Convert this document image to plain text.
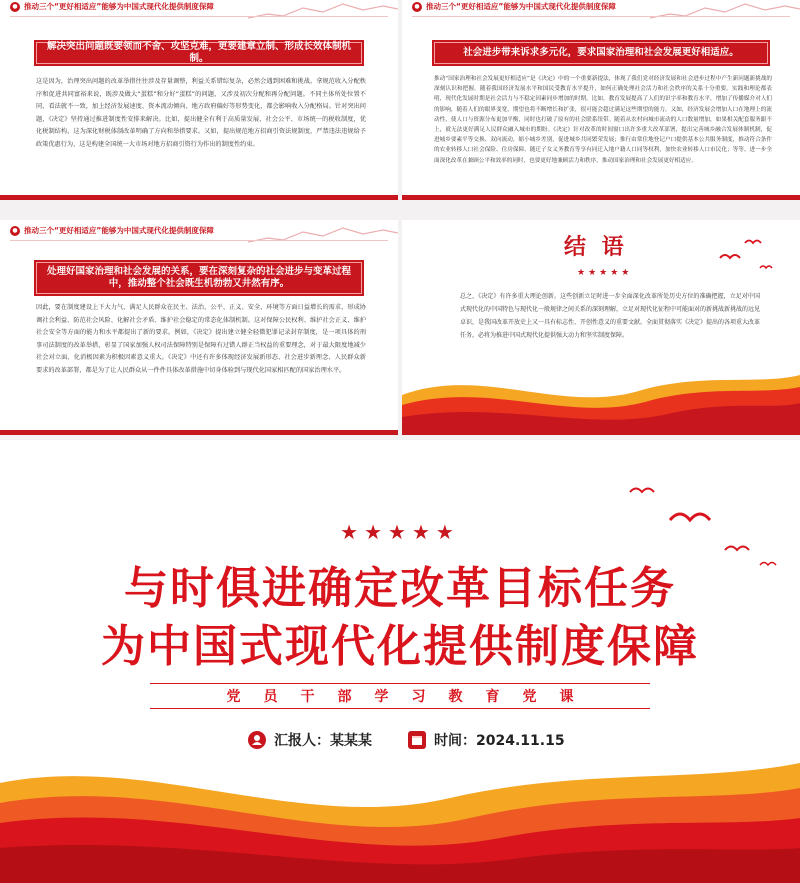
● 推动三个“更好相适应”能够为中国式现代化提供制度保障
解决突出问题既要领而不舍、攻坚克难，更要建章立制、形成长效体制机制。
这是因为，治理突出问题的改革举措往往涉及存量调整，利益关系错综复杂，必然会遇到困难和挑战。拿规范收入分配秩序和促进共同富裕来说，既涉及做大“蛋糕”和分好“蛋糕”的问题，又涉及初次分配和再分配问题。不同主体所处位置不同，看法就不一致，加上经济发展速度、资本流动倾向、地方政府偏好等形势变化，都会影响收入分配格局。针对突出问题，《决定》坚持通过推进制度性安排来解决。比如，提出健全有利于高质量发展、社会公平、市场统一的税收制度，优化税制结构，这为深化财税体制改革明确了方向和举措要求。又如，提出规范地方招商引资法规制度，严禁违法违规给予政策优惠行为，这是构建全国统一大市场对地方招商引资行为作出的制度性约束。
● 推动三个“更好相适应”能够为中国式现代化提供制度保障
社会进步带来诉求多元化，要求国家治理和社会发展更好相适应。
推动“国家治理和社会发展更好相适应”是《决定》中的一个重要新提法，体现了我们党对经济发展和社会进步过程中产生新问题新挑战的深刻认识和把握。随着我国经济发展水平和国民受教育水平提升，如何正确处理社会活力和社会秩序的关系十分重要。实践和理论都表明，现代化发展时期是社会活力与不稳定因素同步增加的时期。比如，教育发展提高了人们的识字率和教育水平，增加了传播媒介对人们的影响，随着人们的眼界变宽，期望也将不断增长和扩张，很可能会超过满足这些期望的能力。又如，经济发展会增加人口在地理上的流动性，使人口与资源分布更加平衡，同时也打破了原有的社会联系纽带。随着从农村向城市流动的人口数量增加，如果相关配套服务跟不上，就无法更好满足人民群众融入城市的期盼。《决定》针对改革的时间窗口出许多重大改革部署，提出完善城乡融合发展体制机制，促进城乡要素平等交换、双向流动，缩小城乡差别，促进城乡共同繁荣发展；推行由常住地登记户口提供基本公共服务制度，推动符合条件的农业转移人口社会保险、住房保障、随迁子女义务教育等享有同迁入地户籍人口同等权利，加快农业转移人口市民化；等等。进一步全面深化改革在兼顾公平和效率的同时，也要更好地兼顾活力和秩序，推动国家治理和社会发展更好相适应。
● 推动三个“更好相适应”能够为中国式现代化提供制度保障
处理好国家治理和社会发展的关系，要在深刻复杂的社会进步与变革过程中，推动整个社会既生机勃勃又井然有序。
因此，要在制度建设上下大力气，满足人民群众在民主、法治、公平、正义、安全、环境等方面日益增长的需求，形成协调社会利益、防范社会风险、化解社会矛盾、维护社会稳定的常态化体制机制。这对保障公民权利、维护社会正义、维护社会安全等方面的能力和水平都提出了新的要求。例如，《决定》提出建立健全轻微犯罪记录封存制度，是一项具体的刑事司法制度的改革举措，彰显了国家加强人权司法保障特别是保障有过错人群正当权益的重要理念，对于最大限度地减少社会对立面、化消极因素为积极因素意义重大。《决定》中还有许多体现经济发展新形态、社会进步新理念、人民群众新要求的改革部署，都是为了让人民群众从一件件具体改革措施中切身体验到与现代化国家相匹配的国家治理水平。
结 语
★★★★★
总之，《决定》有许多重大理论创新。这些创新立足时进一步全面深化改革所处历史方位的准确把握，立足对中国式现代化的中国特色与现代化一般规律之间关系的深刻理解，立足对现代化征程中可能面对的新挑战新挑战的远见卓识，是我国改革开放史上又一具有标志性、开创性意义的重要文献。全面贯彻落实《决定》提出的各项重大改革任务，必将为推进中国式现代化提供强大动力和坚实制度保障。
★★★★★
与时俱进确定改革目标任务
为中国式现代化提供制度保障
党员干部学习教育党课
汇报人：某某某	时间：2024.11.15
